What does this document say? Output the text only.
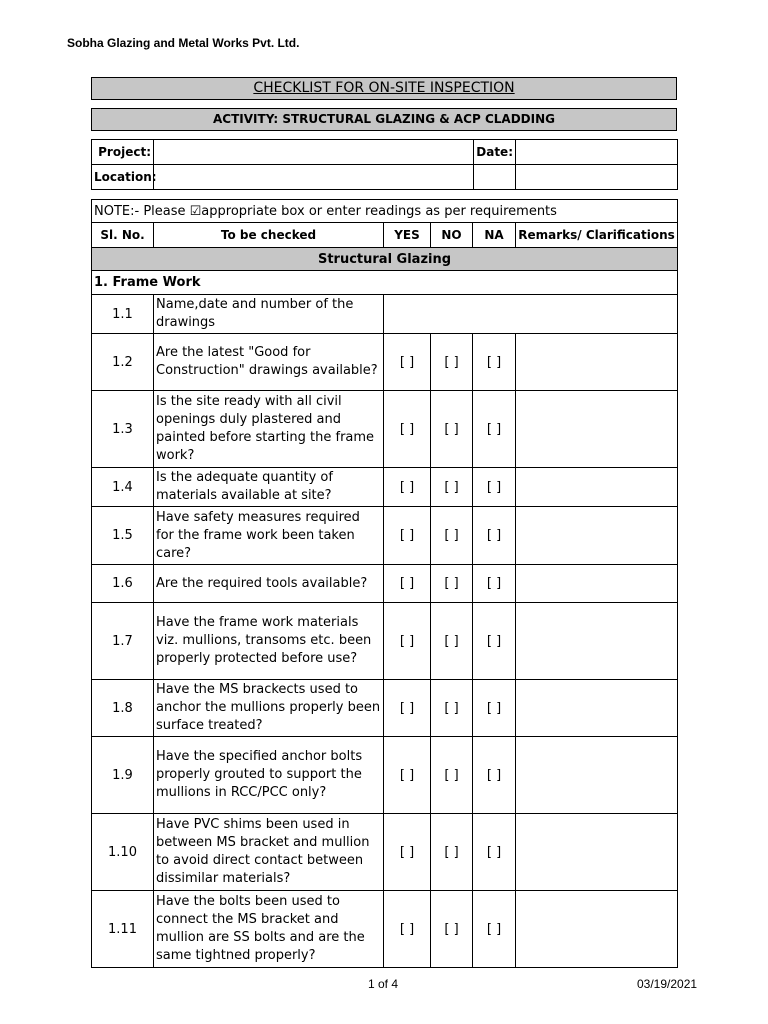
Sobha Glazing and Metal Works Pvt. Ltd.
CHECKLIST FOR ON-SITE INSPECTION
ACTIVITY: STRUCTURAL GLAZING & ACP CLADDING
Project:		Date:	
Location:			
NOTE:- Please ☑appropriate box or enter readings as per requirements					
Sl. No.	To be checked	YES	NO	NA	Remarks/ Clarifications
Structural Glazing					
1. Frame Work					
1.1	Name,date and number of the drawings				
1.2	Are the latest "Good for Construction" drawings available?	[ ]	[ ]	[ ]	
1.3	Is the site ready with all civil openings duly plastered and painted before starting the frame work?	[ ]	[ ]	[ ]	
1.4	Is the adequate quantity of materials available at site?	[ ]	[ ]	[ ]	
1.5	Have safety measures required for the frame work been taken care?	[ ]	[ ]	[ ]	
1.6	Are the required tools available?	[ ]	[ ]	[ ]	
1.7	Have the frame work materials viz. mullions, transoms etc. been properly protected before use?	[ ]	[ ]	[ ]	
1.8	Have the MS brackects used to anchor the mullions properly been surface treated?	[ ]	[ ]	[ ]	
1.9	Have the specified anchor bolts properly grouted to support the mullions in RCC/PCC only?	[ ]	[ ]	[ ]	
1.10	Have PVC shims been used in between MS bracket and mullion to avoid direct contact between dissimilar materials?	[ ]	[ ]	[ ]	
1.11	Have the bolts been used to connect the MS bracket and mullion are SS bolts and are the same tightned properly?	[ ]	[ ]	[ ]	
1 of 4	03/19/2021
